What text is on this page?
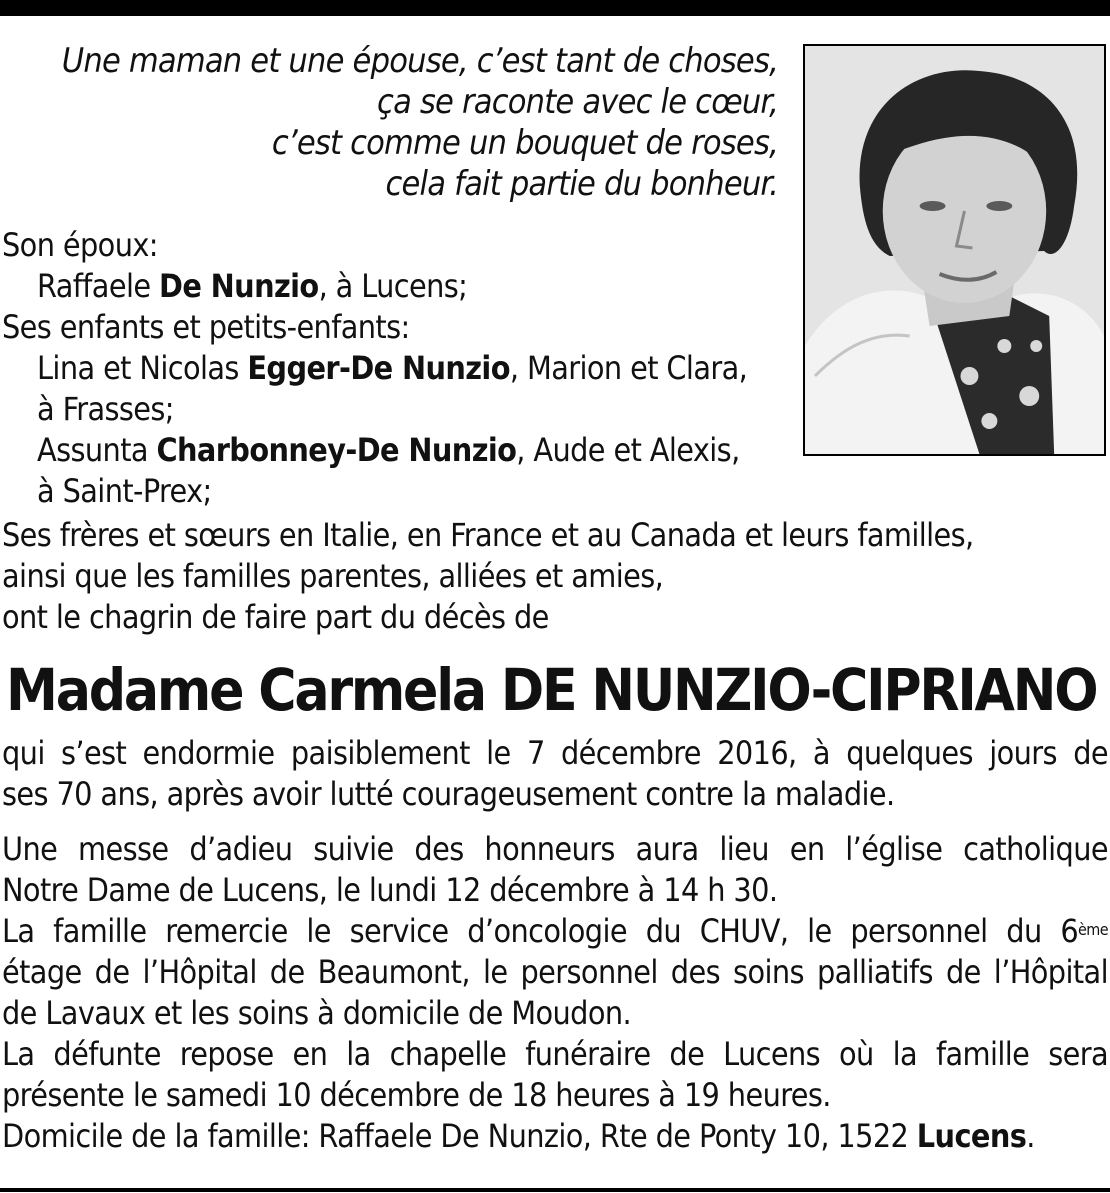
Une maman et une épouse, c’est tant de choses,
ça se raconte avec le cœur,
c’est comme un bouquet de roses,
cela fait partie du bonheur.
Son époux:
Raffaele De Nunzio, à Lucens;
Ses enfants et petits-enfants:
Lina et Nicolas Egger-De Nunzio, Marion et Clara,
à Frasses;
Assunta Charbonney-De Nunzio, Aude et Alexis,
à Saint-Prex;
Ses frères et sœurs en Italie, en France et au Canada et leurs familles,
ainsi que les familles parentes, alliées et amies,
ont le chagrin de faire part du décès de
Madame Carmela DE NUNZIO-CIPRIANO
qui s’est endormie paisiblement le 7 décembre 2016, à quelques jours de
ses 70 ans, après avoir lutté courageusement contre la maladie.
Une messe d’adieu suivie des honneurs aura lieu en l’église catholique
Notre Dame de Lucens, le lundi 12 décembre à 14 h 30.
La famille remercie le service d’oncologie du CHUV, le personnel du 6ème
étage de l’Hôpital de Beaumont, le personnel des soins palliatifs de l’Hôpital
de Lavaux et les soins à domicile de Moudon.
La défunte repose en la chapelle funéraire de Lucens où la famille sera
présente le samedi 10 décembre de 18 heures à 19 heures.
Domicile de la famille: Raffaele De Nunzio, Rte de Ponty 10, 1522 Lucens.
